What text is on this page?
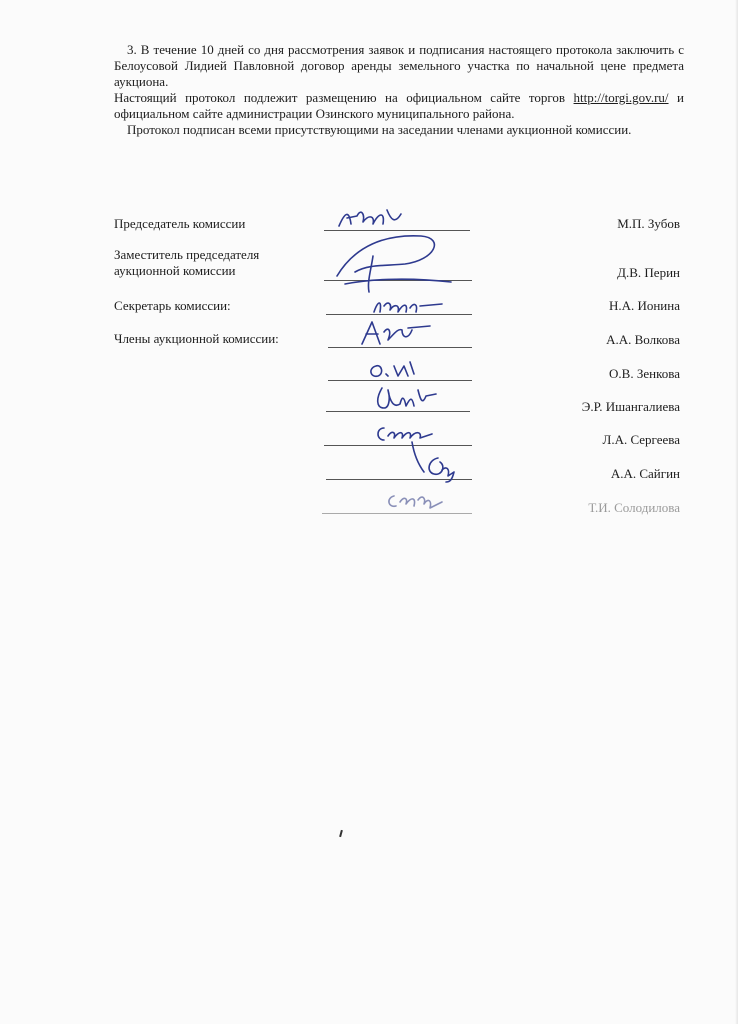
3. В течение 10 дней со дня рассмотрения заявок и подписания настоящего протокола заключить с Белоусовой Лидией Павловной договор аренды земельного участка по начальной цене предмета аукциона.

Настоящий протокол подлежит размещению на официальном сайте торгов http://torgi.gov.ru/ и официальном сайте администрации Озинского муниципального района.

Протокол подписан всеми присутствующими на заседании членами аукционной комиссии.

Председатель комиссии	М.П. Зубов
Заместитель председателя
аукционной комиссии	Д.В. Перин
Секретарь комиссии:	Н.А. Ионина
Члены аукционной комиссии:	А.А. Волкова
О.В. Зенкова
Э.Р. Ишангалиева
Л.А. Сергеева
А.А. Сайгин
Т.И. Солодилова
